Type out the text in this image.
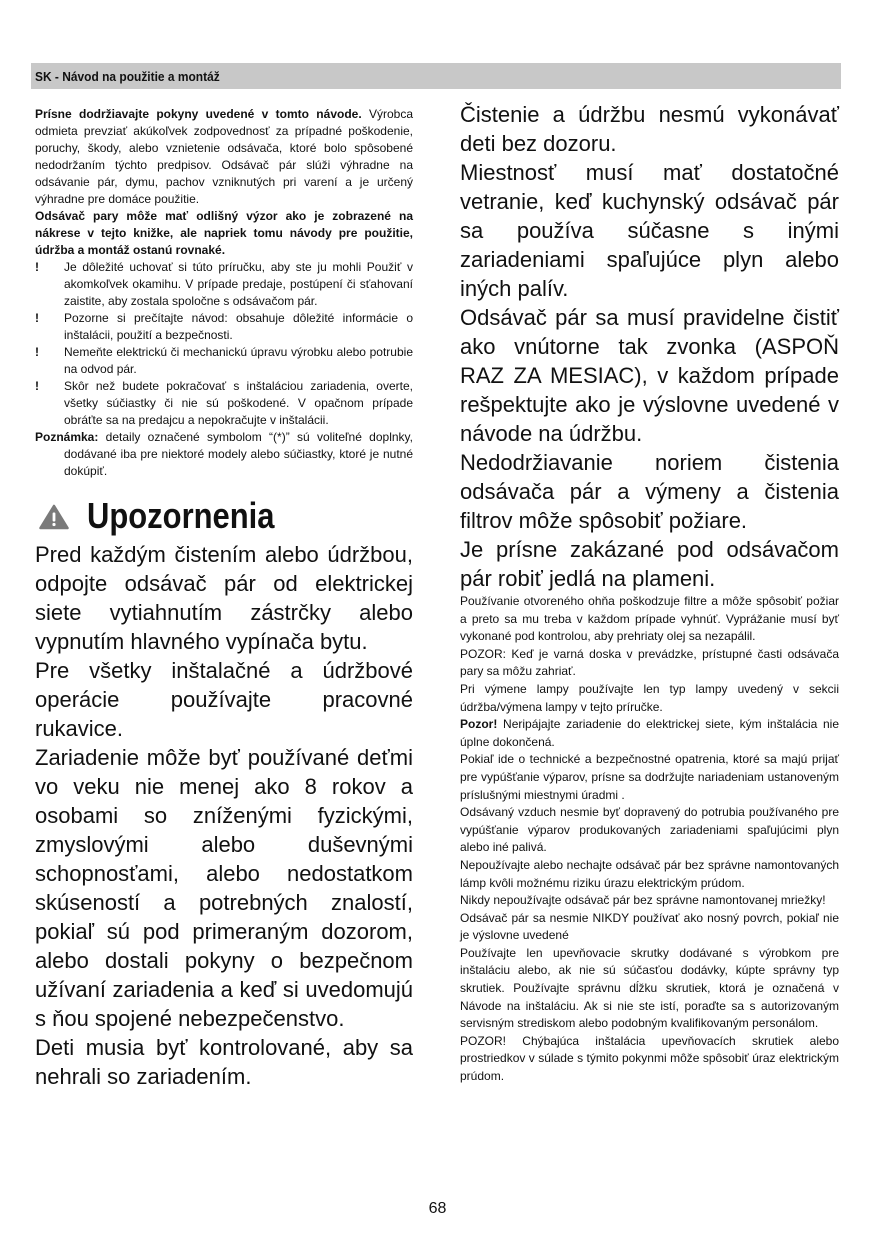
SK - Návod na použitie a montáž

Prísne dodržiavajte pokyny uvedené v tomto návode. Výrobca odmieta prevziať akúkoľvek zodpovednosť za prípadné poškodenie, poruchy, škody, alebo vznietenie odsávača, ktoré bolo spôsobené nedodržaním týchto predpisov. Odsávač pár slúži výhradne na odsávanie pár, dymu, pachov vzniknutých pri varení a je určený výhradne pre domáce použitie.

Odsávač pary môže mať odlišný výzor ako je zobrazené na nákrese v tejto knižke, ale napriek tomu návody pre použitie, údržba a montáž ostanú rovnaké.

! Je dôležité uchovať si túto príručku, aby ste ju mohli Použiť v akomkoľvek okamihu. V prípade predaje, postúpení či sťahovaní zaistite, aby zostala spoločne s odsávačom pár.
! Pozorne si prečítajte návod: obsahuje dôležité informácie o inštalácii, použití a bezpečnosti.
! Nemeňte elektrickú či mechanickú úpravu výrobku alebo potrubie na odvod pár.
! Skôr než budete pokračovať s inštaláciou zariadenia, overte, všetky súčiastky či nie sú poškodené. V opačnom prípade obráťte sa na predajcu a nepokračujte v inštalácii.

Poznámka: detaily označené symbolom “(*)” sú voliteľné doplnky, dodávané iba pre niektoré modely alebo súčiastky, ktoré je nutné dokúpiť.

Upozornenia

Pred každým čistením alebo údržbou, odpojte odsávač pár od elektrickej siete vytiahnutím zástrčky alebo vypnutím hlavného vypínača bytu.

Pre všetky inštalačné a údržbové operácie používajte pracovné rukavice.

Zariadenie môže byť používané deťmi vo veku nie menej ako 8 rokov a osobami so zníženými fyzickými, zmyslovými alebo duševnými schopnosťami, alebo nedostatkom skúseností a potrebných znalostí, pokiaľ sú pod primeraným dozorom, alebo dostali pokyny o bezpečnom užívaní zariadenia a keď si uvedomujú s ňou spojené nebezpečenstvo.

Deti musia byť kontrolované, aby sa nehrali so zariadením.

Čistenie a údržbu nesmú vykonávať deti bez dozoru.

Miestnosť musí mať dostatočné vetranie, keď kuchynský odsávač pár sa používa súčasne s inými zariadeniami spaľujúce plyn alebo iných palív.

Odsávač pár sa musí pravidelne čistiť ako vnútorne tak zvonka (ASPOŇ RAZ ZA MESIAC), v každom prípade rešpektujte ako je výslovne uvedené v návode na údržbu.

Nedodržiavanie noriem čistenia odsávača pár a výmeny a čistenia filtrov môže spôsobiť požiare.

Je prísne zakázané pod odsávačom pár robiť jedlá na plameni.

Používanie otvoreného ohňa poškodzuje filtre a môže spôsobiť požiar a preto sa mu treba v každom prípade vyhnúť. Vyprážanie musí byť vykonané pod kontrolou, aby prehriaty olej sa nezapálil.

POZOR: Keď je varná doska v prevádzke, prístupné časti odsávača pary sa môžu zahriať.

Pri výmene lampy používajte len typ lampy uvedený v sekcii údržba/výmena lampy v tejto príručke.

Pozor! Neripájajte zariadenie do elektrickej siete, kým inštalácia nie úplne dokončená.

Pokiaľ ide o technické a bezpečnostné opatrenia, ktoré sa majú prijať pre vypúšťanie výparov, prísne sa dodržujte nariadeniam ustanoveným príslušnými miestnymi úradmi .

Odsávaný vzduch nesmie byť dopravený do potrubia používaného pre vypúšťanie výparov produkovaných zariadeniami spaľujúcimi plyn alebo iné palivá.

Nepoužívajte alebo nechajte odsávač pár bez správne namontovaných lámp kvôli možnému riziku úrazu elektrickým prúdom.

Nikdy nepoužívajte odsávač pár bez správne namontovanej mriežky!

Odsávač pár sa nesmie NIKDY používať ako nosný povrch, pokiaľ nie je výslovne uvedené

Používajte len upevňovacie skrutky dodávané s výrobkom pre inštaláciu alebo, ak nie sú súčasťou dodávky, kúpte správny typ skrutiek. Používajte správnu dĺžku skrutiek, ktorá je označená v Návode na inštaláciu. Ak si nie ste istí, poraďte sa s autorizovaným servisným strediskom alebo podobným kvalifikovaným personálom.

POZOR! Chýbajúca inštalácia upevňovacích skrutiek alebo prostriedkov v súlade s týmito pokynmi môže spôsobiť úraz elektrickým prúdom.

68
